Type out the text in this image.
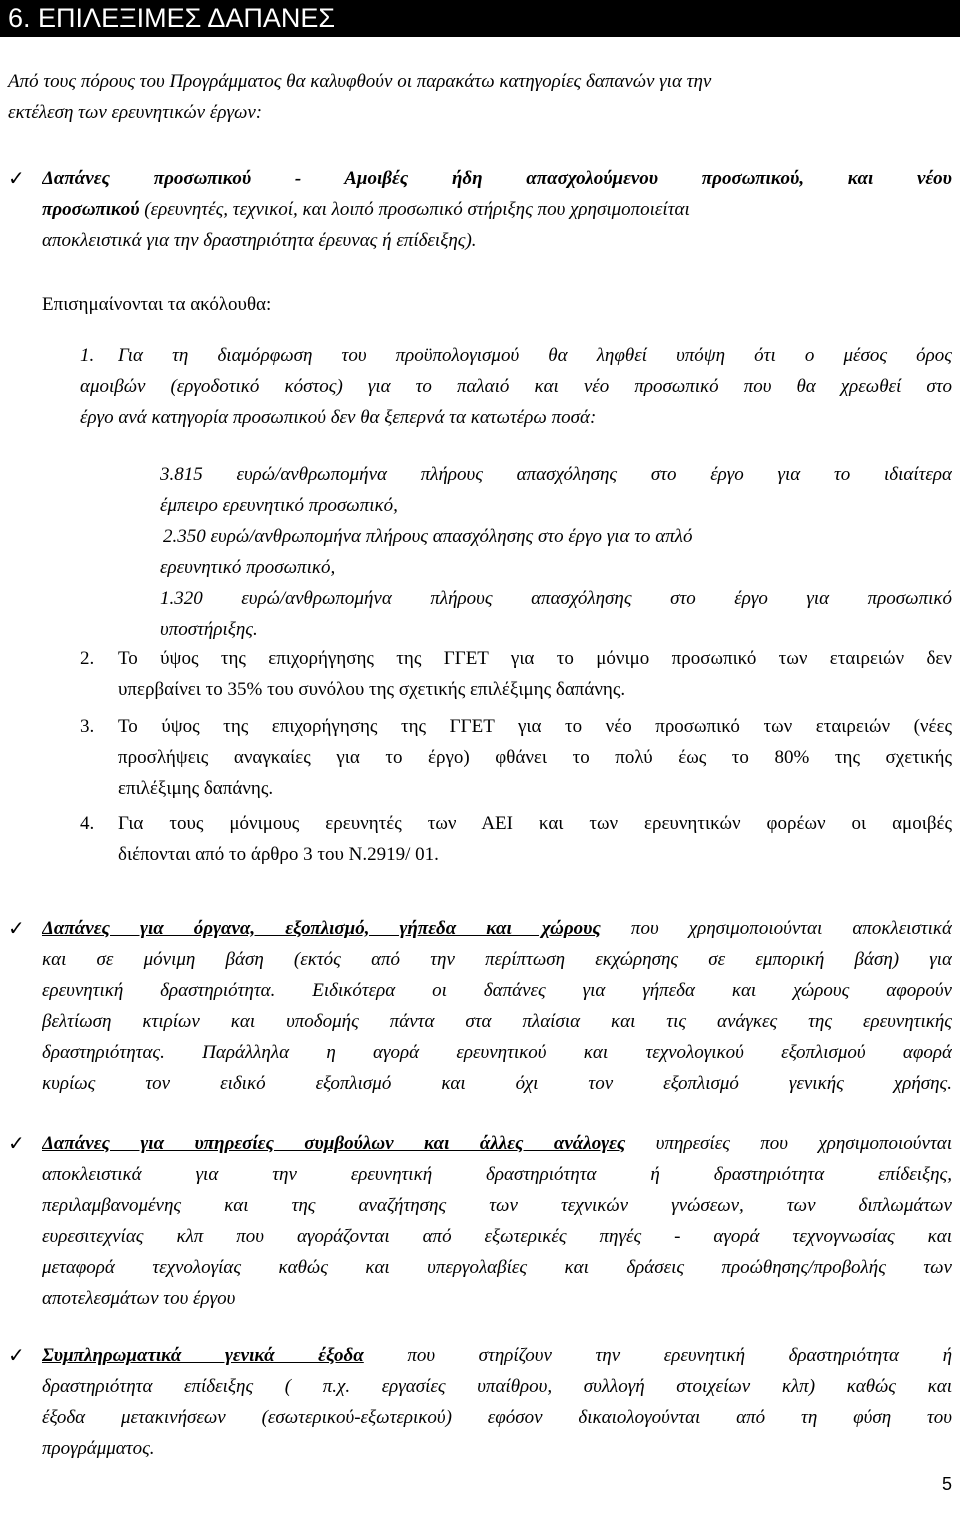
6. ΕΠΙΛΕΞΙΜΕΣ ΔΑΠΑΝΕΣ
Από τους πόρους του Προγράμματος θα καλυφθούν οι παρακάτω κατηγορίες δαπανών για την
εκτέλεση των ερευνητικών έργων:
✓ Δαπάνες προσωπικού - Αμοιβές ήδη απασχολούμενου προσωπικού, και νέου
προσωπικού (ερευνητές, τεχνικοί, και λοιπό προσωπικό στήριξης που χρησιμοποιείται
αποκλειστικά για την δραστηριότητα έρευνας ή επίδειξης).
Επισημαίνονται τα ακόλουθα:
1. Για τη διαμόρφωση του προϋπολογισμού θα ληφθεί υπόψη ότι ο μέσος όρος
αμοιβών (εργοδοτικό κόστος) για το παλαιό και νέο προσωπικό που θα χρεωθεί στο
έργο ανά κατηγορία προσωπικού δεν θα ξεπερνά τα κατωτέρω ποσά:
3.815 ευρώ/ανθρωπομήνα πλήρους απασχόλησης στο έργο για το ιδιαίτερα
έμπειρο ερευνητικό προσωπικό,
2.350 ευρώ/ανθρωπομήνα πλήρους απασχόλησης στο έργο για το απλό
ερευνητικό προσωπικό,
1.320 ευρώ/ανθρωπομήνα πλήρους απασχόλησης στο έργο για προσωπικό
υποστήριξης.
2. Το ύψος της επιχορήγησης της ΓΓΕΤ για το μόνιμο προσωπικό των εταιρειών δεν
υπερβαίνει το 35% του συνόλου της σχετικής επιλέξιμης δαπάνης.
3. Το ύψος της επιχορήγησης της ΓΓΕΤ για το νέο προσωπικό των εταιρειών (νέες
προσλήψεις αναγκαίες για το έργο) φθάνει το πολύ έως το 80% της σχετικής
επιλέξιμης δαπάνης.
4. Για τους μόνιμους ερευνητές των ΑΕΙ και των ερευνητικών φορέων οι αμοιβές
διέπονται από το άρθρο 3 του Ν.2919/ 01.
✓ Δαπάνες για όργανα, εξοπλισμό, γήπεδα και χώρους που χρησιμοποιούνται αποκλειστικά
και σε μόνιμη βάση (εκτός από την περίπτωση εκχώρησης σε εμπορική βάση) για
ερευνητική δραστηριότητα. Ειδικότερα οι δαπάνες για γήπεδα και χώρους αφορούν
βελτίωση κτιρίων και υποδομής πάντα στα πλαίσια και τις ανάγκες της ερευνητικής
δραστηριότητας. Παράλληλα η αγορά ερευνητικού και τεχνολογικού εξοπλισμού αφορά
κυρίως τον ειδικό εξοπλισμό και όχι τον εξοπλισμό γενικής χρήσης.
✓ Δαπάνες για υπηρεσίες συμβούλων και άλλες ανάλογες υπηρεσίες που χρησιμοποιούνται
αποκλειστικά για την ερευνητική δραστηριότητα ή δραστηριότητα επίδειξης,
περιλαμβανομένης και της αναζήτησης των τεχνικών γνώσεων, των διπλωμάτων
ευρεσιτεχνίας κλπ που αγοράζονται από εξωτερικές πηγές - αγορά τεχνογνωσίας και
μεταφορά τεχνολογίας καθώς και υπεργολαβίες και δράσεις προώθησης/προβολής των
αποτελεσμάτων του έργου
✓ Συμπληρωματικά γενικά έξοδα που στηρίζουν την ερευνητική δραστηριότητα ή
δραστηριότητα επίδειξης ( π.χ. εργασίες υπαίθρου, συλλογή στοιχείων κλπ) καθώς και
έξοδα μετακινήσεων (εσωτερικού-εξωτερικού) εφόσον δικαιολογούνται από τη φύση του
προγράμματος.
5
